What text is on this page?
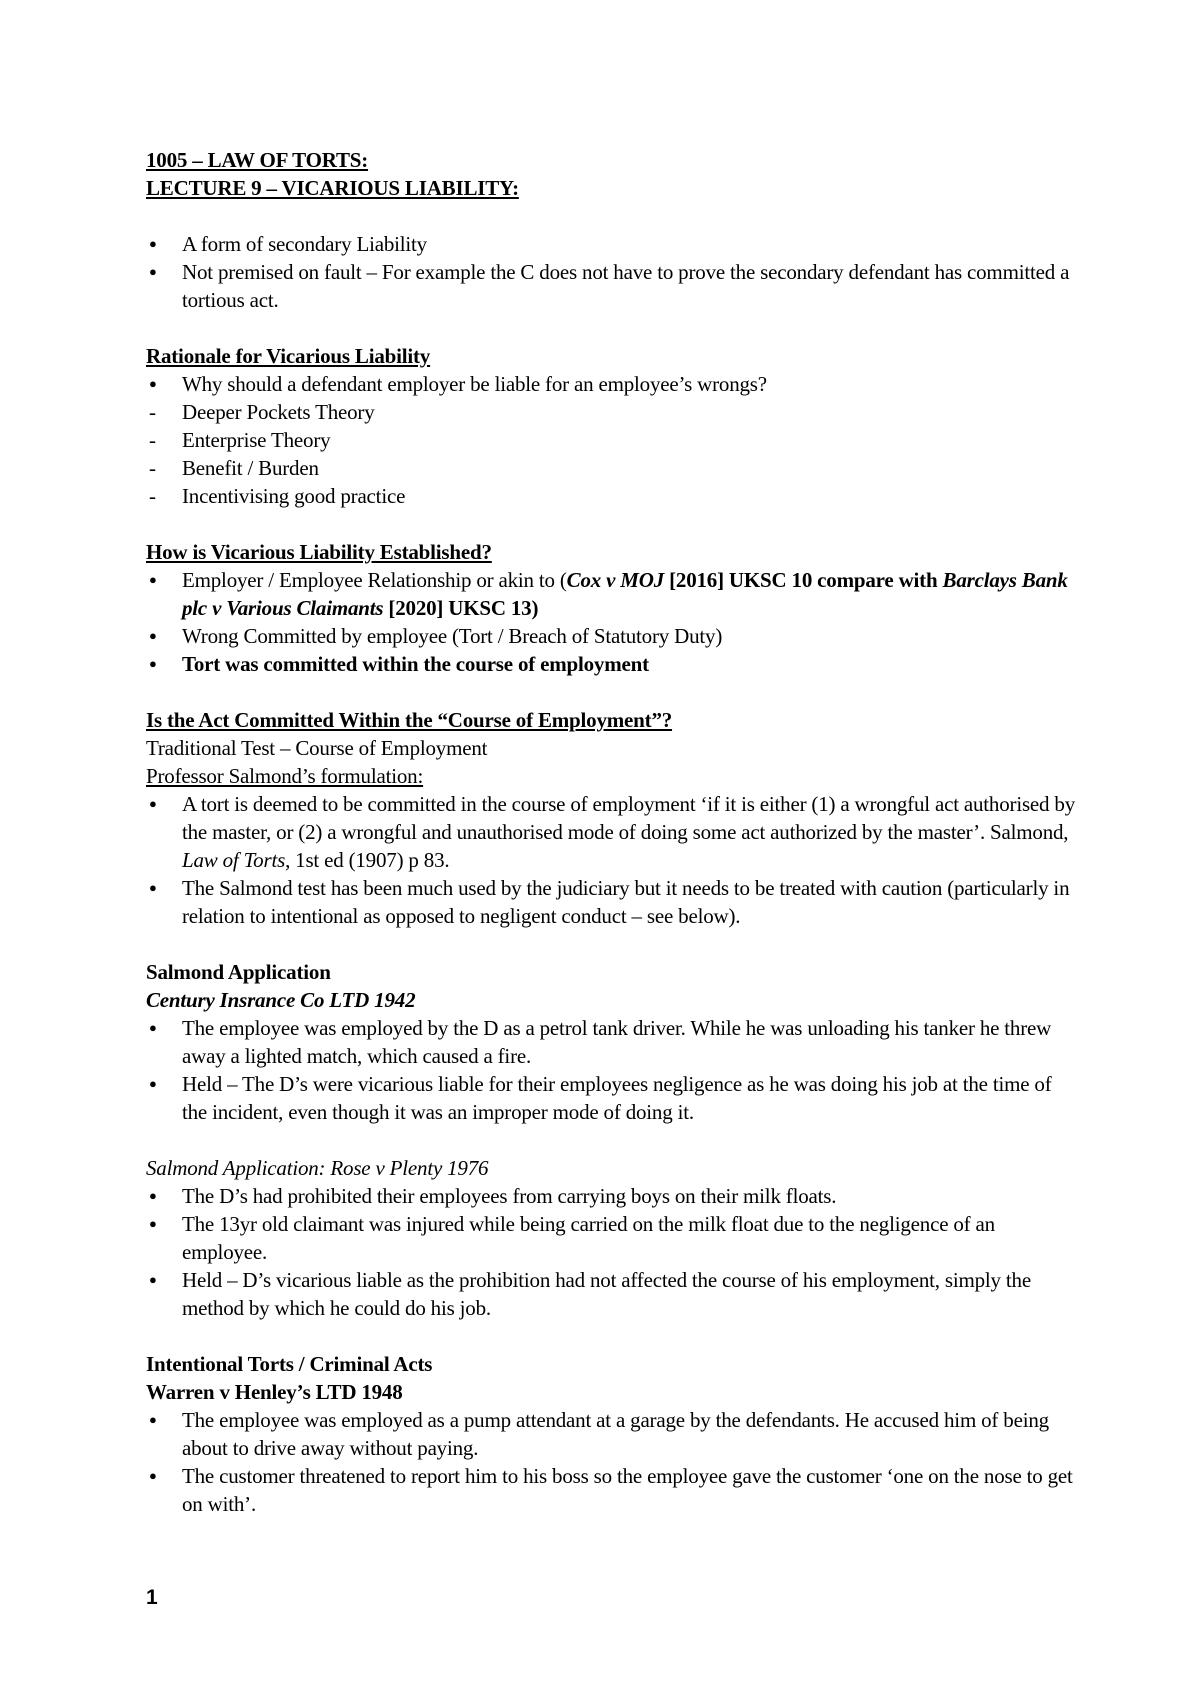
1005 – LAW OF TORTS:
LECTURE 9 – VICARIOUS LIABILITY:
● A form of secondary Liability
● Not premised on fault – For example the C does not have to prove the secondary defendant has committed a tortious act.
Rationale for Vicarious Liability
● Why should a defendant employer be liable for an employee’s wrongs?
- Deeper Pockets Theory
- Enterprise Theory
- Benefit / Burden
- Incentivising good practice
How is Vicarious Liability Established?
● Employer / Employee Relationship or akin to (Cox v MOJ [2016] UKSC 10 compare with Barclays Bank plc v Various Claimants [2020] UKSC 13)
● Wrong Committed by employee (Tort / Breach of Statutory Duty)
● Tort was committed within the course of employment
Is the Act Committed Within the “Course of Employment”?
Traditional Test – Course of Employment
Professor Salmond’s formulation:
● A tort is deemed to be committed in the course of employment ‘if it is either (1) a wrongful act authorised by the master, or (2) a wrongful and unauthorised mode of doing some act authorized by the master’. Salmond, Law of Torts, 1st ed (1907) p 83.
● The Salmond test has been much used by the judiciary but it needs to be treated with caution (particularly in relation to intentional as opposed to negligent conduct – see below).
Salmond Application
Century Insrance Co LTD 1942
● The employee was employed by the D as a petrol tank driver. While he was unloading his tanker he threw away a lighted match, which caused a fire.
● Held – The D’s were vicarious liable for their employees negligence as he was doing his job at the time of the incident, even though it was an improper mode of doing it.
Salmond Application: Rose v Plenty 1976
● The D’s had prohibited their employees from carrying boys on their milk floats.
● The 13yr old claimant was injured while being carried on the milk float due to the negligence of an employee.
● Held – D’s vicarious liable as the prohibition had not affected the course of his employment, simply the method by which he could do his job.
Intentional Torts / Criminal Acts
Warren v Henley’s LTD 1948
● The employee was employed as a pump attendant at a garage by the defendants. He accused him of being about to drive away without paying.
● The customer threatened to report him to his boss so the employee gave the customer ‘one on the nose to get on with’.
1
